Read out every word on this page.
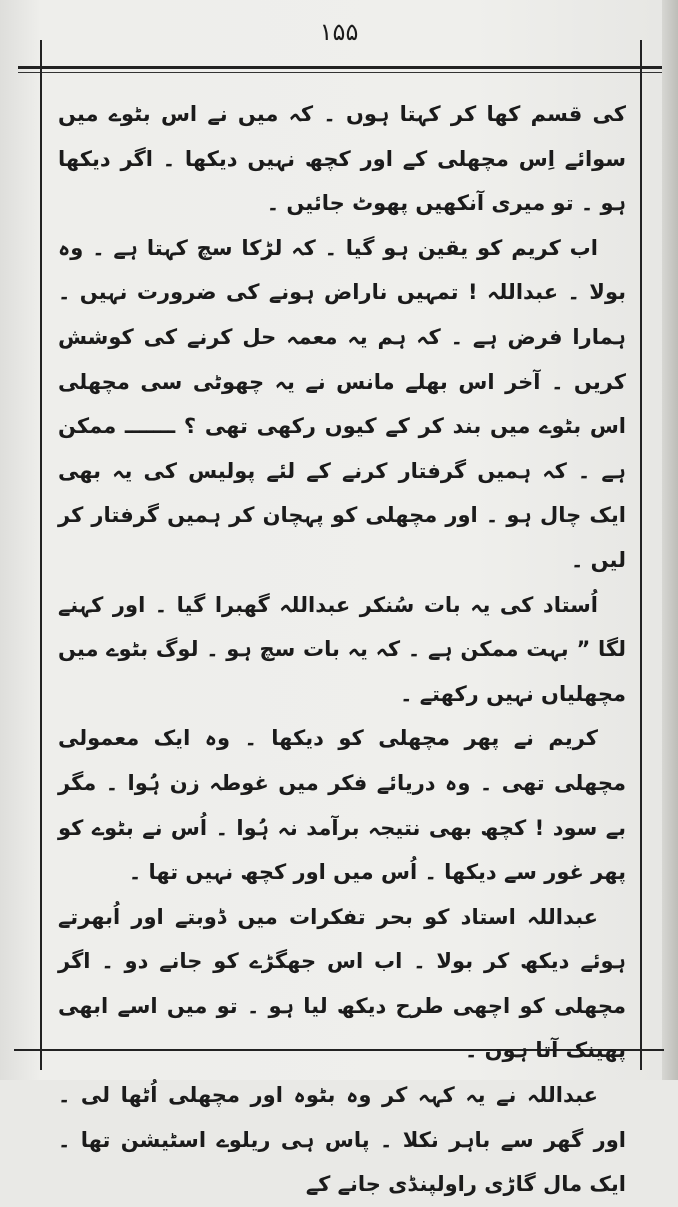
۱۵۵

کی قسم کھا کر کہتا ہوں ۔ کہ میں نے اس بٹوے میں سوائے اِس مچھلی کے اور کچھ نہیں دیکھا ۔ اگر دیکھا ہو ۔ تو میری آنکھیں پھوٹ جائیں ۔

اب کریم کو یقین ہو گیا ۔ کہ لڑکا سچ کہتا ہے ۔ وہ بولا ۔ عبداللہ ! تمہیں ناراض ہونے کی ضرورت نہیں ۔ ہمارا فرض ہے ۔ کہ ہم یہ معمہ حل کرنے کی کوشش کریں ۔ آخر اس بھلے مانس نے یہ چھوٹی سی مچھلی اس بٹوے میں بند کر کے کیوں رکھی تھی ؟ ـــــــ ممکن ہے ۔ کہ ہمیں گرفتار کرنے کے لئے پولیس کی یہ بھی ایک چال ہو ۔ اور مچھلی کو پہچان کر ہمیں گرفتار کر لیں ۔

اُستاد کی یہ بات سُنکر عبداللہ گھبرا گیا ۔ اور کہنے لگا ” بہت ممکن ہے ۔ کہ یہ بات سچ ہو ۔ لوگ بٹوے میں مچھلیاں نہیں رکھتے ۔

کریم نے پھر مچھلی کو دیکھا ۔ وہ ایک معمولی مچھلی تھی ۔ وہ دریائے فکر میں غوطہ زن ہُوا ۔ مگر بے سود ! کچھ بھی نتیجہ برآمد نہ ہُوا ۔ اُس نے بٹوے کو پھر غور سے دیکھا ۔ اُس میں اور کچھ نہیں تھا ۔

عبداللہ استاد کو بحر تفکرات میں ڈوبتے اور اُبھرتے ہوئے دیکھ کر بولا ۔ اب اس جھگڑے کو جانے دو ۔ اگر مچھلی کو اچھی طرح دیکھ لیا ہو ۔ تو میں اسے ابھی پھینک آتا ہوں ۔

عبداللہ نے یہ کہہ کر وہ بٹوہ اور مچھلی اُٹھا لی ۔ اور گھر سے باہر نکلا ۔ پاس ہی ریلوے اسٹیشن تھا ۔ ایک مال گاڑی راولپنڈی جانے کے
